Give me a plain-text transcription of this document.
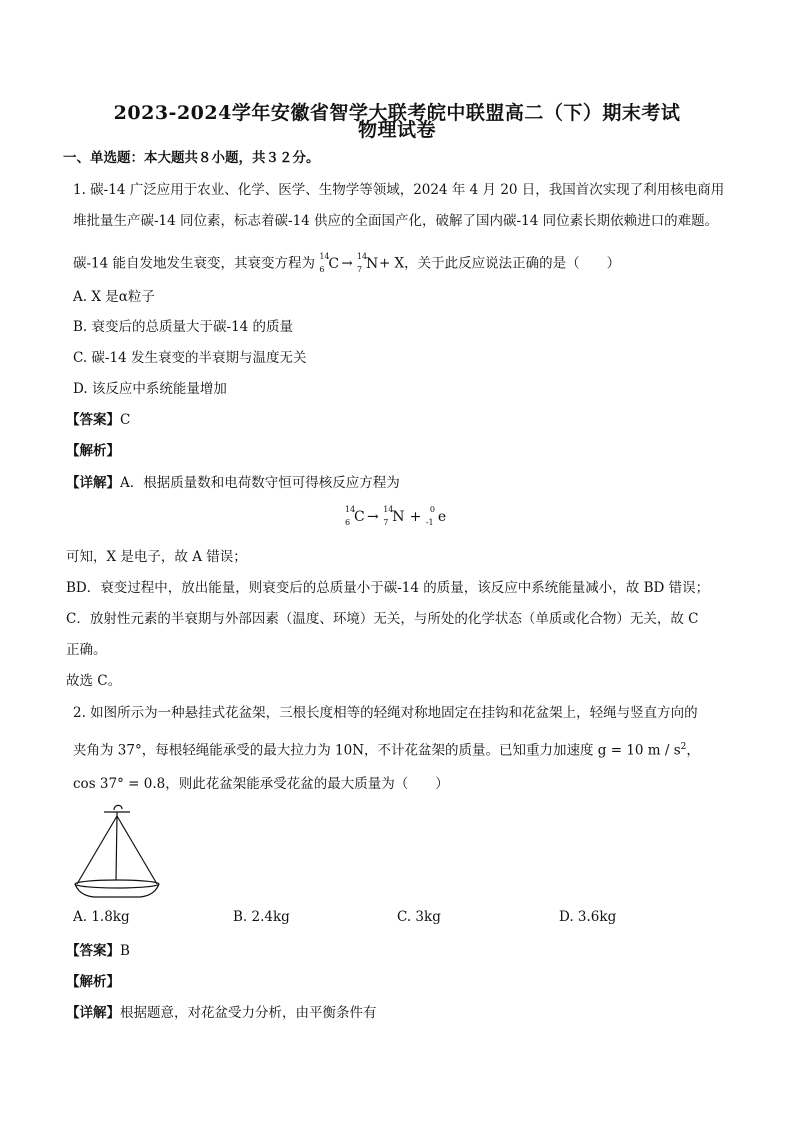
2023-2024学年安徽省智学大联考皖中联盟高二（下）期末考试
物理试卷
一、单选题：本大题共８小题，共３２分。
1. 碳-14 广泛应用于农业、化学、医学、生物学等领域，2024 年 4 月 20 日，我国首次实现了利用核电商用
堆批量生产碳-14 同位素，标志着碳-14 供应的全面国产化，破解了国内碳-14 同位素长期依赖进口的难题。
碳-14 能自发地发生衰变，其衰变方程为 14
6 C → 14
7 N + X，关于此反应说法正确的是（　　）
A. X 是α粒子
B. 衰变后的总质量大于碳-14 的质量
C. 碳-14 发生衰变的半衰期与温度无关
D. 该反应中系统能量增加
【答案】C
【解析】
【详解】A．根据质量数和电荷数守恒可得核反应方程为
14
6 C → 14
7 N + 0
-1 e
可知，X 是电子，故 A 错误；
BD．衰变过程中，放出能量，则衰变后的总质量小于碳-14 的质量，该反应中系统能量减小，故 BD 错误；
C．放射性元素的半衰期与外部因素（温度、环境）无关，与所处的化学状态（单质或化合物）无关，故 C
正确。
故选 C。
2. 如图所示为一种悬挂式花盆架，三根长度相等的轻绳对称地固定在挂钩和花盆架上，轻绳与竖直方向的
夹角为 37°，每根轻绳能承受的最大拉力为 10N，不计花盆架的质量。已知重力加速度 g = 10 m / $s^2$，
cos 37° = 0.8，则此花盆架能承受花盆的最大质量为（　　）
A. 1.8kg	B. 2.4kg	C. 3kg	D. 3.6kg
【答案】B
【解析】
【详解】根据题意，对花盆受力分析，由平衡条件有
